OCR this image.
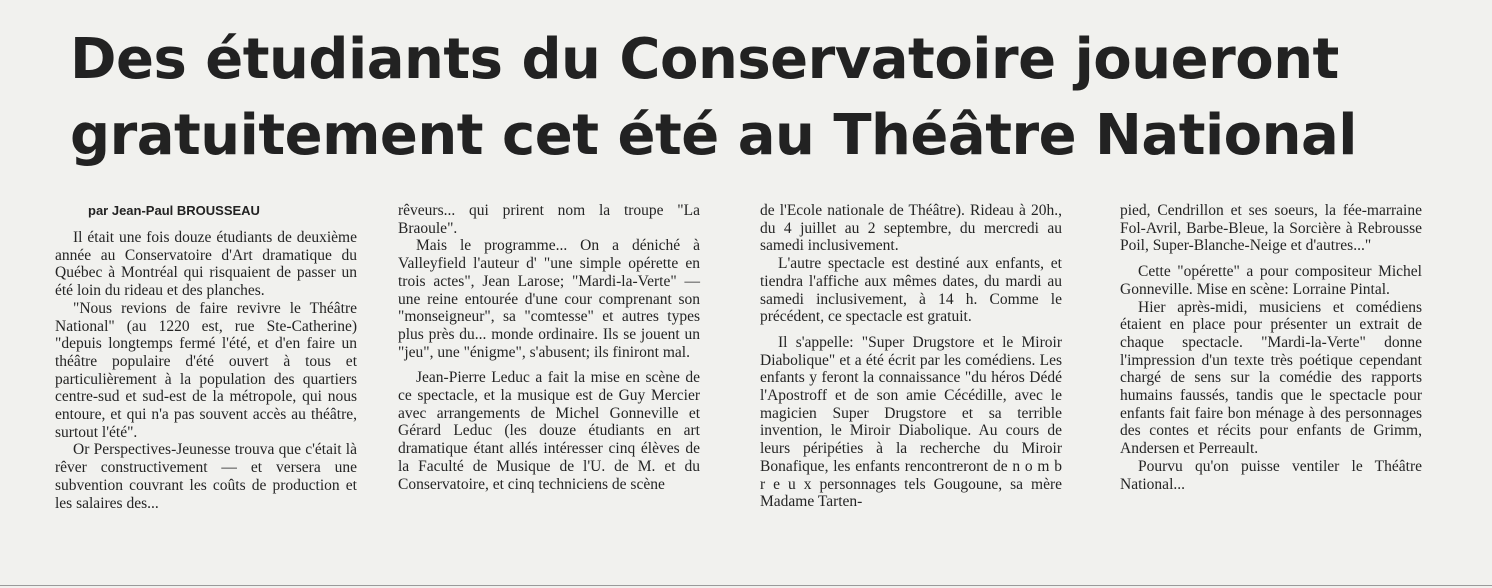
Des étudiants du Conservatoire joueront
gratuitement cet été au Théâtre National
par Jean-Paul BROUSSEAU

Il était une fois douze étudiants de deuxième année au Conservatoire d'Art dramatique du Québec à Montréal qui risquaient de passer un été loin du rideau et des planches.

"Nous revions de faire revivre le Théâtre National" (au 1220 est, rue Ste-Catherine) "depuis longtemps fermé l'été, et d'en faire un théâtre populaire d'été ouvert à tous et particulièrement à la population des quartiers centre-sud et sud-est de la métropole, qui nous entoure, et qui n'a pas souvent accès au théâtre, surtout l'été".

Or Perspectives-Jeunesse trouva que c'était là rêver constructivement — et versera une subvention couvrant les coûts de production et les salaires des...

rêveurs... qui prirent nom la troupe "La Braoule".

Mais le programme... On a déniché à Valleyfield l'auteur d' "une simple opérette en trois actes", Jean Larose; "Mardi-la-Verte" — une reine entourée d'une cour comprenant son "monseigneur", sa "comtesse" et autres types plus près du... monde ordinaire. Ils se jouent un "jeu", une "énigme", s'abusent; ils finiront mal.

Jean-Pierre Leduc a fait la mise en scène de ce spectacle, et la musique est de Guy Mercier avec arrangements de Michel Gonneville et Gérard Leduc (les douze étudiants en art dramatique étant allés intéresser cinq élèves de la Faculté de Musique de l'U. de M. et du Conservatoire, et cinq techniciens de scène

de l'Ecole nationale de Théâtre). Rideau à 20h., du 4 juillet au 2 septembre, du mercredi au samedi inclusivement.

L'autre spectacle est destiné aux enfants, et tiendra l'affiche aux mêmes dates, du mardi au samedi inclusivement, à 14 h. Comme le précédent, ce spectacle est gratuit.

Il s'appelle: "Super Drugstore et le Miroir Diabolique" et a été écrit par les comédiens. Les enfants y feront la connaissance "du héros Dédé l'Apostroff et de son amie Cécédille, avec le magicien Super Drugstore et sa terrible invention, le Miroir Diabolique. Au cours de leurs péripéties à la recherche du Miroir Bonafique, les enfants rencontreront de n o m b r e u x personnages tels Gougoune, sa mère Madame Tarten-

pied, Cendrillon et ses soeurs, la fée-marraine Fol-Avril, Barbe-Bleue, la Sorcière à Rebrousse Poil, Super-Blanche-Neige et d'autres..."

Cette "opérette" a pour compositeur Michel Gonneville. Mise en scène: Lorraine Pintal.

Hier après-midi, musiciens et comédiens étaient en place pour présenter un extrait de chaque spectacle. "Mardi-la-Verte" donne l'impression d'un texte très poétique cependant chargé de sens sur la comédie des rapports humains faussés, tandis que le spectacle pour enfants fait faire bon ménage à des personnages des contes et récits pour enfants de Grimm, Andersen et Perreault.

Pourvu qu'on puisse ventiler le Théâtre National...
